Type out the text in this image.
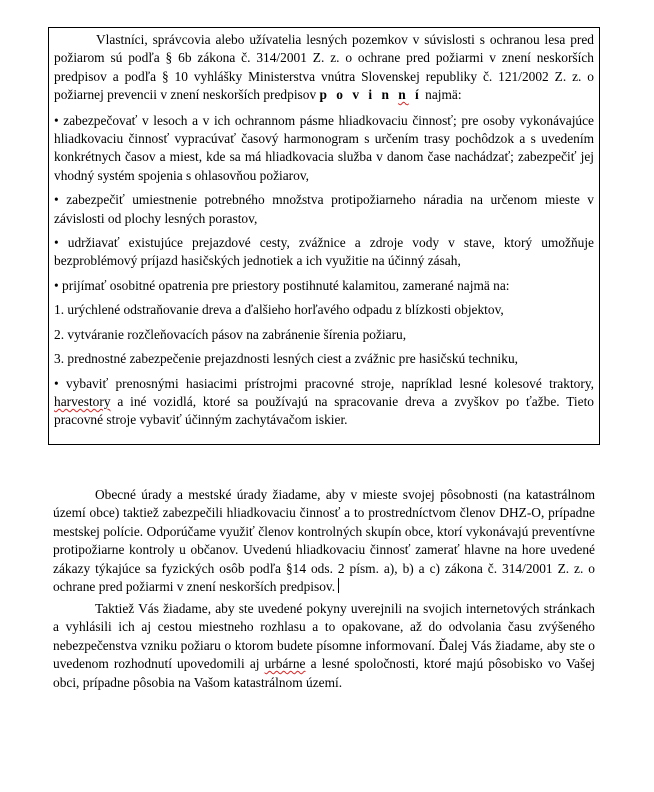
Vlastníci, správcovia alebo užívatelia lesných pozemkov v súvislosti s ochranou lesa pred požiarom sú podľa § 6b zákona č. 314/2001 Z. z. o ochrane pred požiarmi v znení neskorších predpisov a podľa § 10 vyhlášky Ministerstva vnútra Slovenskej republiky č. 121/2002 Z. z. o požiarnej prevencii v znení neskorších predpisov p o v i n n í najmä:

• zabezpečovať v lesoch a v ich ochrannom pásme hliadkovaciu činnosť; pre osoby vykonávajúce hliadkovaciu činnosť vypracúvať časový harmonogram s určením trasy pochôdzok a s uvedením konkrétnych časov a miest, kde sa má hliadkovacia služba v danom čase nachádzať; zabezpečiť jej vhodný systém spojenia s ohlasovňou požiarov,

• zabezpečiť umiestnenie potrebného množstva protipožiarneho náradia na určenom mieste v závislosti od plochy lesných porastov,

• udržiavať existujúce prejazdové cesty, zvážnice a zdroje vody v stave, ktorý umožňuje bezproblémový príjazd hasičských jednotiek a ich využitie na účinný zásah,

• prijímať osobitné opatrenia pre priestory postihnuté kalamitou, zamerané najmä na:

1. urýchlené odstraňovanie dreva a ďalšieho horľavého odpadu z blízkosti objektov,

2. vytváranie rozčleňovacích pásov na zabránenie šírenia požiaru,

3. prednostné zabezpečenie prejazdnosti lesných ciest a zvážnic pre hasičskú techniku,

• vybaviť prenosnými hasiacimi prístrojmi pracovné stroje, napríklad lesné kolesové traktory, harvestory a iné vozidlá, ktoré sa používajú na spracovanie dreva a zvyškov po ťažbe. Tieto pracovné stroje vybaviť účinným zachytávačom iskier.

Obecné úrady a mestské úrady žiadame, aby v mieste svojej pôsobnosti (na katastrálnom území obce) taktiež zabezpečili hliadkovaciu činnosť a to prostredníctvom členov DHZ-O, prípadne mestskej polície. Odporúčame využiť členov kontrolných skupín obce, ktorí vykonávajú preventívne protipožiarne kontroly u občanov. Uvedenú hliadkovaciu činnosť zamerať hlavne na hore uvedené zákazy týkajúce sa fyzických osôb podľa §14 ods. 2 písm. a), b) a c) zákona č. 314/2001 Z. z. o ochrane pred požiarmi v znení neskorších predpisov.

Taktiež Vás žiadame, aby ste uvedené pokyny uverejnili na svojich internetových stránkach a vyhlásili ich aj cestou miestneho rozhlasu a to opakovane, až do odvolania času zvýšeného nebezpečenstva vzniku požiaru o ktorom budete písomne informovaní. Ďalej Vás žiadame, aby ste o uvedenom rozhodnutí upovedomili aj urbárne a lesné spoločnosti, ktoré majú pôsobisko vo Vašej obci, prípadne pôsobia na Vašom katastrálnom území.
